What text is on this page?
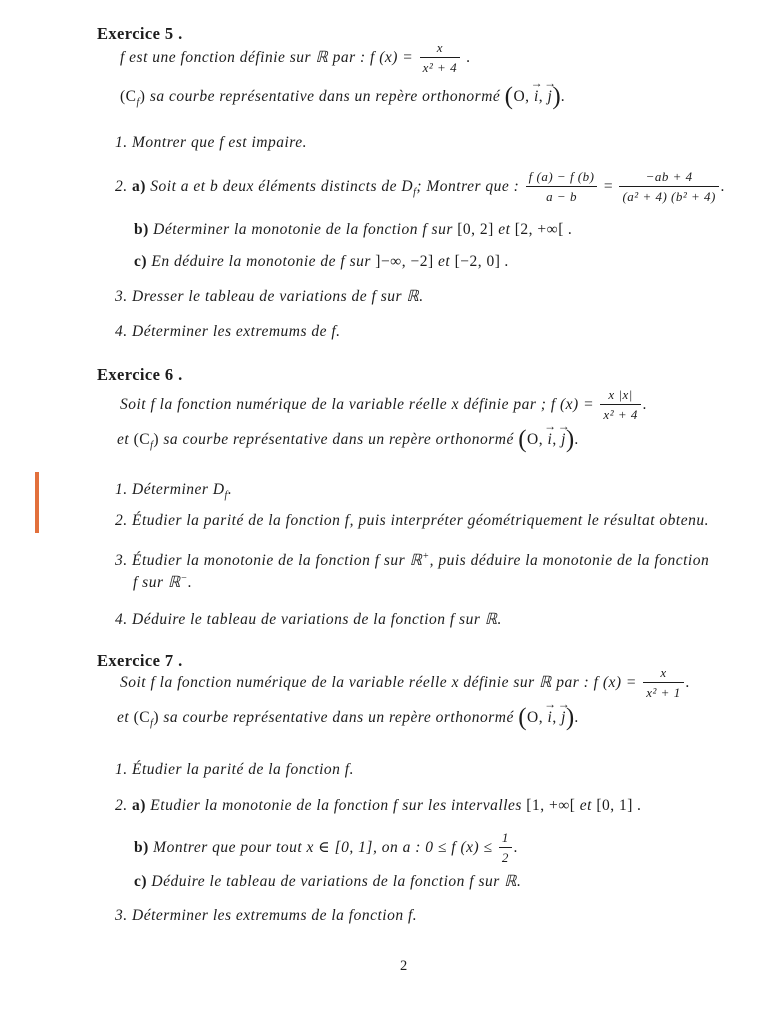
Exercice 5 .
f est une fonction définie sur ℝ par : f $(x) = \frac{x}{\text{x² + 4}}$ .
$(C_f)$ sa courbe représentative dans un repère orthonormé (O,
→
i,
→
j).
1. Montrer que f est impaire.
2. a) Soit a et b deux éléments distincts de $D_f$; Montrer que : $\frac{f (a) - f (b)}{a - b} = \frac{-ab + 4}{\text{(a² + 4) (b² + 4)}}$ .
b) Déterminer la monotonie de la fonction f sur [0, 2] et [2, +∞[ .
c) En déduire la monotonie de f sur ]−∞, −2] et [−2, 0] .
3. Dresser le tableau de variations de f sur ℝ.
4. Déterminer les extremums de f.
Exercice 6 .
Soit f la fonction numérique de la variable réelle x définie par ; f $(x) = \frac{x |x|}{\text{x² + 4}}$ .
et $(C_f)$ sa courbe représentative dans un repère orthonormé (O,
→
i,
→
j).
1. Déterminer $D_f$.
2. Étudier la parité de la fonction f, puis interpréter géométriquement le résultat obtenu.
3. Étudier la monotonie de la fonction f sur ℝ+, puis déduire la monotonie de la fonction
f sur ℝ−.
4. Déduire le tableau de variations de la fonction f sur ℝ.
Exercice 7 .
Soit f la fonction numérique de la variable réelle x définie sur ℝ par : f $(x) = \frac{x}{\text{x² + 1}}$ .
et $(C_f)$ sa courbe représentative dans un repère orthonormé (O,
→
i,
→
j).
1. Étudier la parité de la fonction f.
2. a) Etudier la monotonie de la fonction f sur les intervalles [1, +∞[ et [0, 1] .
b) Montrer que pour tout x ∈ [0, 1], on a : 0 ≤ f $(x) \le \frac{1}{2}$ .
c) Déduire le tableau de variations de la fonction f sur ℝ.
3. Déterminer les extremums de la fonction f.
2
